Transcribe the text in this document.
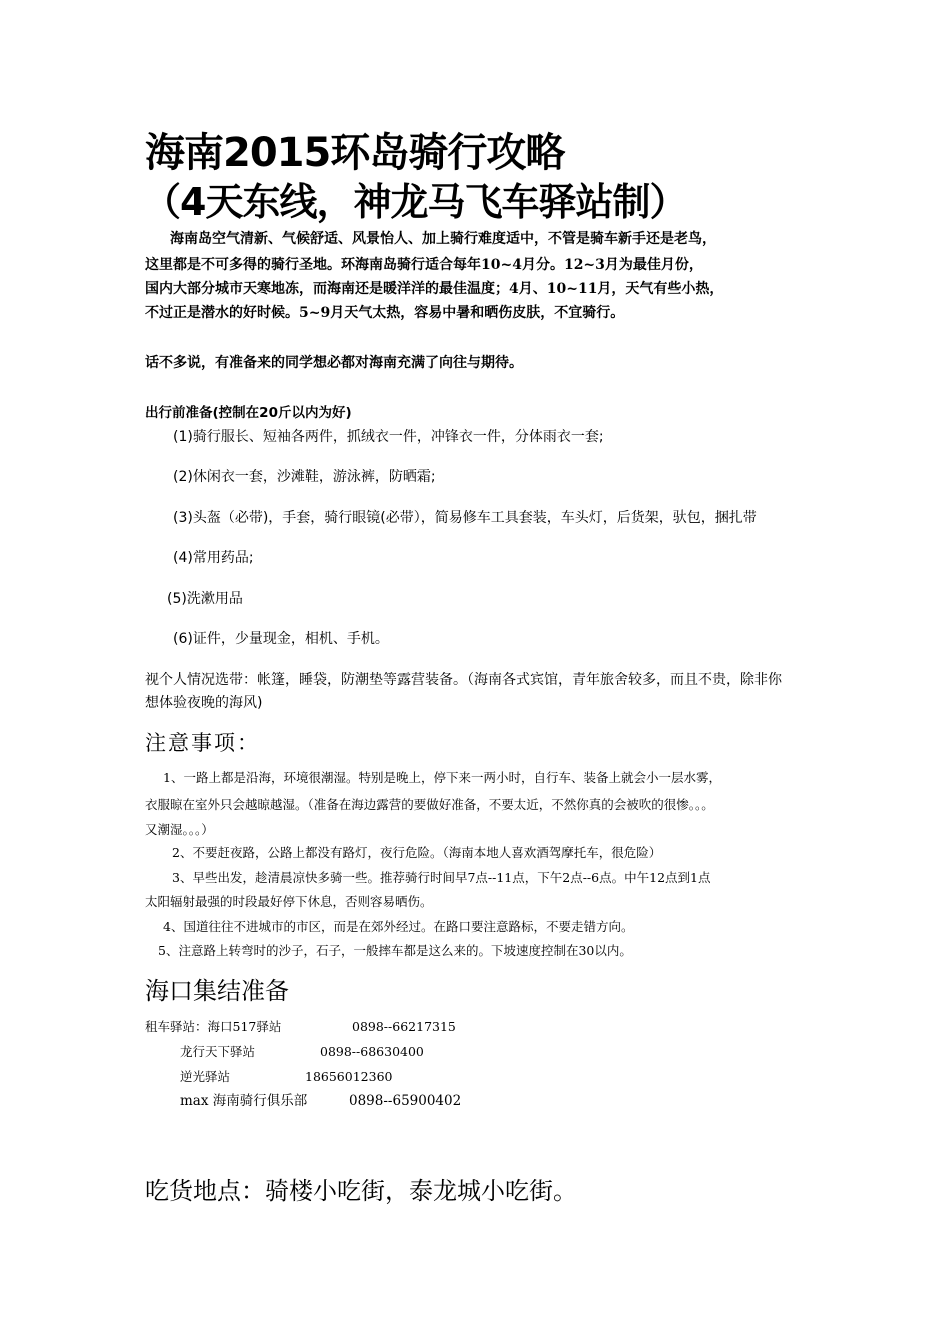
海南2015环岛骑行攻略
（4天东线，神龙马飞车驿站制）
海南岛空气清新、气候舒适、风景怡人、加上骑行难度适中，不管是骑车新手还是老鸟，
这里都是不可多得的骑行圣地。环海南岛骑行适合每年10~4月分。12~3月为最佳月份，
国内大部分城市天寒地冻，而海南还是暖洋洋的最佳温度；4月、10~11月，天气有些小热，
不过正是潜水的好时候。5~9月天气太热，容易中暑和晒伤皮肤，不宜骑行。
话不多说，有准备来的同学想必都对海南充满了向往与期待。
出行前准备(控制在20斤以内为好)
(1)骑行服长、短袖各两件，抓绒衣一件，冲锋衣一件，分体雨衣一套;
(2)休闲衣一套，沙滩鞋，游泳裤，防晒霜;
(3)头盔（必带)，手套，骑行眼镜(必带），简易修车工具套装，车头灯，后货架，驮包，捆扎带
(4)常用药品;
(5)洗漱用品
(6)证件，少量现金，相机、手机。
视个人情况选带：帐篷，睡袋，防潮垫等露营装备。（海南各式宾馆，青年旅舍较多，而且不贵，除非你
想体验夜晚的海风)
注意事项：
1、一路上都是沿海，环境很潮湿。特别是晚上，停下来一两小时，自行车、装备上就会小一层水雾，
衣服晾在室外只会越晾越湿。（准备在海边露营的要做好准备，不要太近，不然你真的会被吹的很惨。。。
又潮湿。。。）
2、不要赶夜路，公路上都没有路灯，夜行危险。（海南本地人喜欢酒驾摩托车，很危险）
3、早些出发，趁清晨凉快多骑一些。推荐骑行时间早7点--11点，下午2点--6点。中午12点到1点
太阳辐射最强的时段最好停下休息，否则容易晒伤。
4、国道往往不进城市的市区，而是在郊外经过。在路口要注意路标，不要走错方向。
5、注意路上转弯时的沙子，石子，一般摔车都是这么来的。下坡速度控制在30以内。
海口集结准备
租车驿站：海口517驿站	0898--66217315
龙行天下驿站	0898--68630400
逆光驿站	18656012360
max 海南骑行俱乐部	0898--65900402
吃货地点：骑楼小吃街，泰龙城小吃街。
